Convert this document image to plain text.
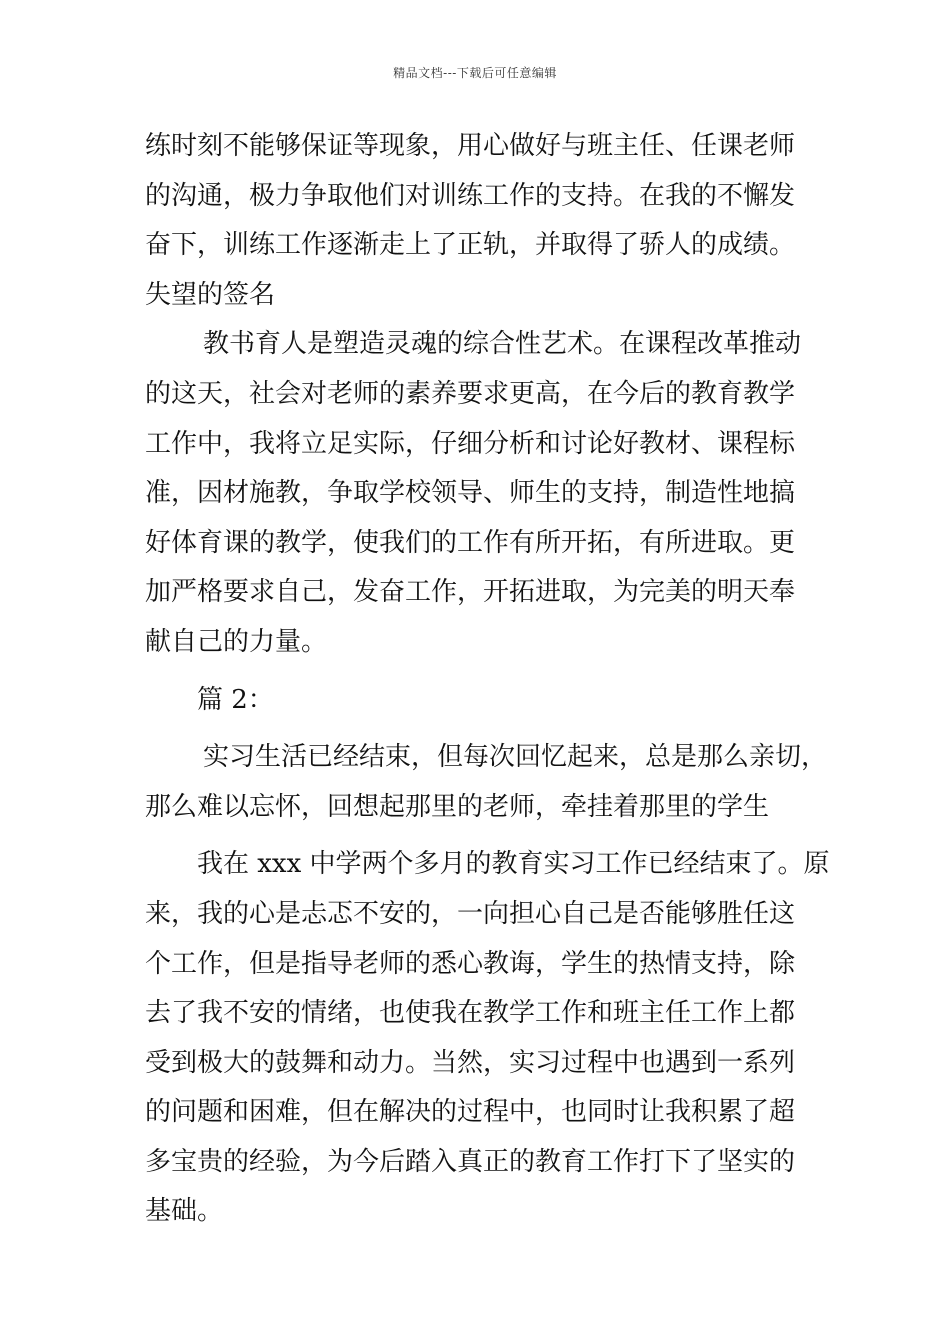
精品文档---下载后可任意编辑
练时刻不能够保证等现象，用心做好与班主任、任课老师
的沟通，极力争取他们对训练工作的支持。在我的不懈发
奋下，训练工作逐渐走上了正轨，并取得了骄人的成绩。
失望的签名
教书育人是塑造灵魂的综合性艺术。在课程改革推动
的这天，社会对老师的素养要求更高，在今后的教育教学
工作中，我将立足实际，仔细分析和讨论好教材、课程标
准，因材施教，争取学校领导、师生的支持，制造性地搞
好体育课的教学，使我们的工作有所开拓，有所进取。更
加严格要求自己，发奋工作，开拓进取，为完美的明天奉
献自己的力量。
篇 2：
实习生活已经结束，但每次回忆起来，总是那么亲切，
那么难以忘怀，回想起那里的老师，牵挂着那里的学生
我在 xxx 中学两个多月的教育实习工作已经结束了。原
来，我的心是忐忑不安的，一向担心自己是否能够胜任这
个工作，但是指导老师的悉心教诲，学生的热情支持，除
去了我不安的情绪，也使我在教学工作和班主任工作上都
受到极大的鼓舞和动力。当然，实习过程中也遇到一系列
的问题和困难，但在解决的过程中，也同时让我积累了超
多宝贵的经验，为今后踏入真正的教育工作打下了坚实的
基础。
